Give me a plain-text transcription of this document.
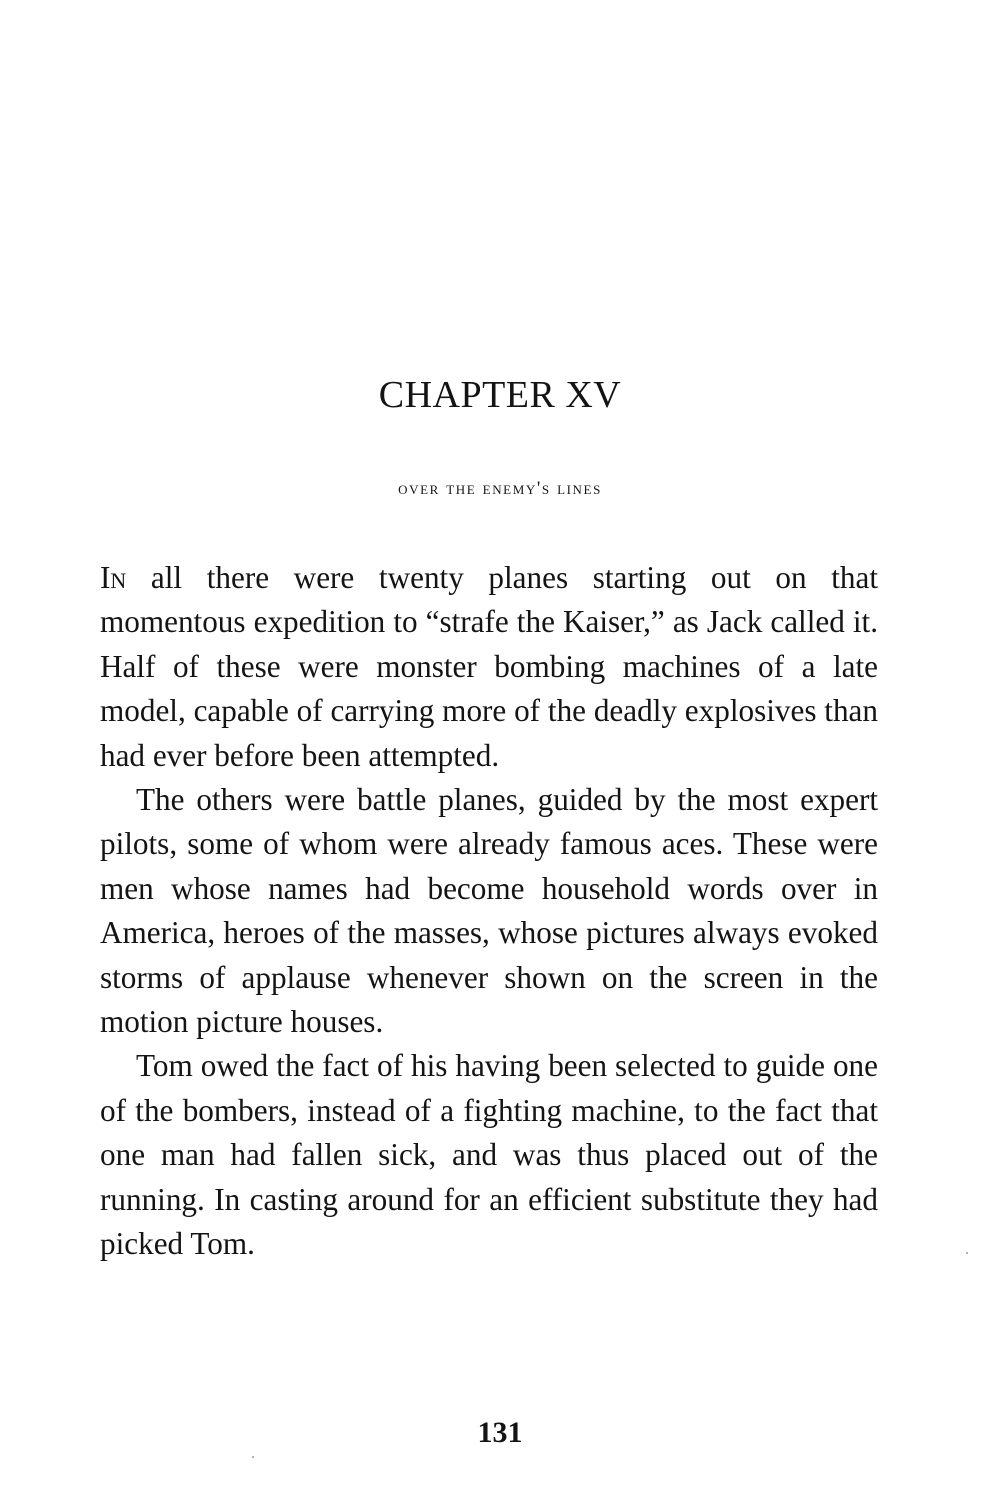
CHAPTER XV
over the enemy's lines

In all there were twenty planes starting out on that momentous expedition to “strafe the Kaiser,” as Jack called it. Half of these were monster bombing machines of a late model, capable of carrying more of the deadly explosives than had ever before been attempted.

The others were battle planes, guided by the most expert pilots, some of whom were already famous aces. These were men whose names had become household words over in America, heroes of the masses, whose pictures always evoked storms of applause whenever shown on the screen in the motion picture houses.

Tom owed the fact of his having been selected to guide one of the bombers, instead of a fighting machine, to the fact that one man had fallen sick, and was thus placed out of the running. In casting around for an efficient substitute they had picked Tom.

131
